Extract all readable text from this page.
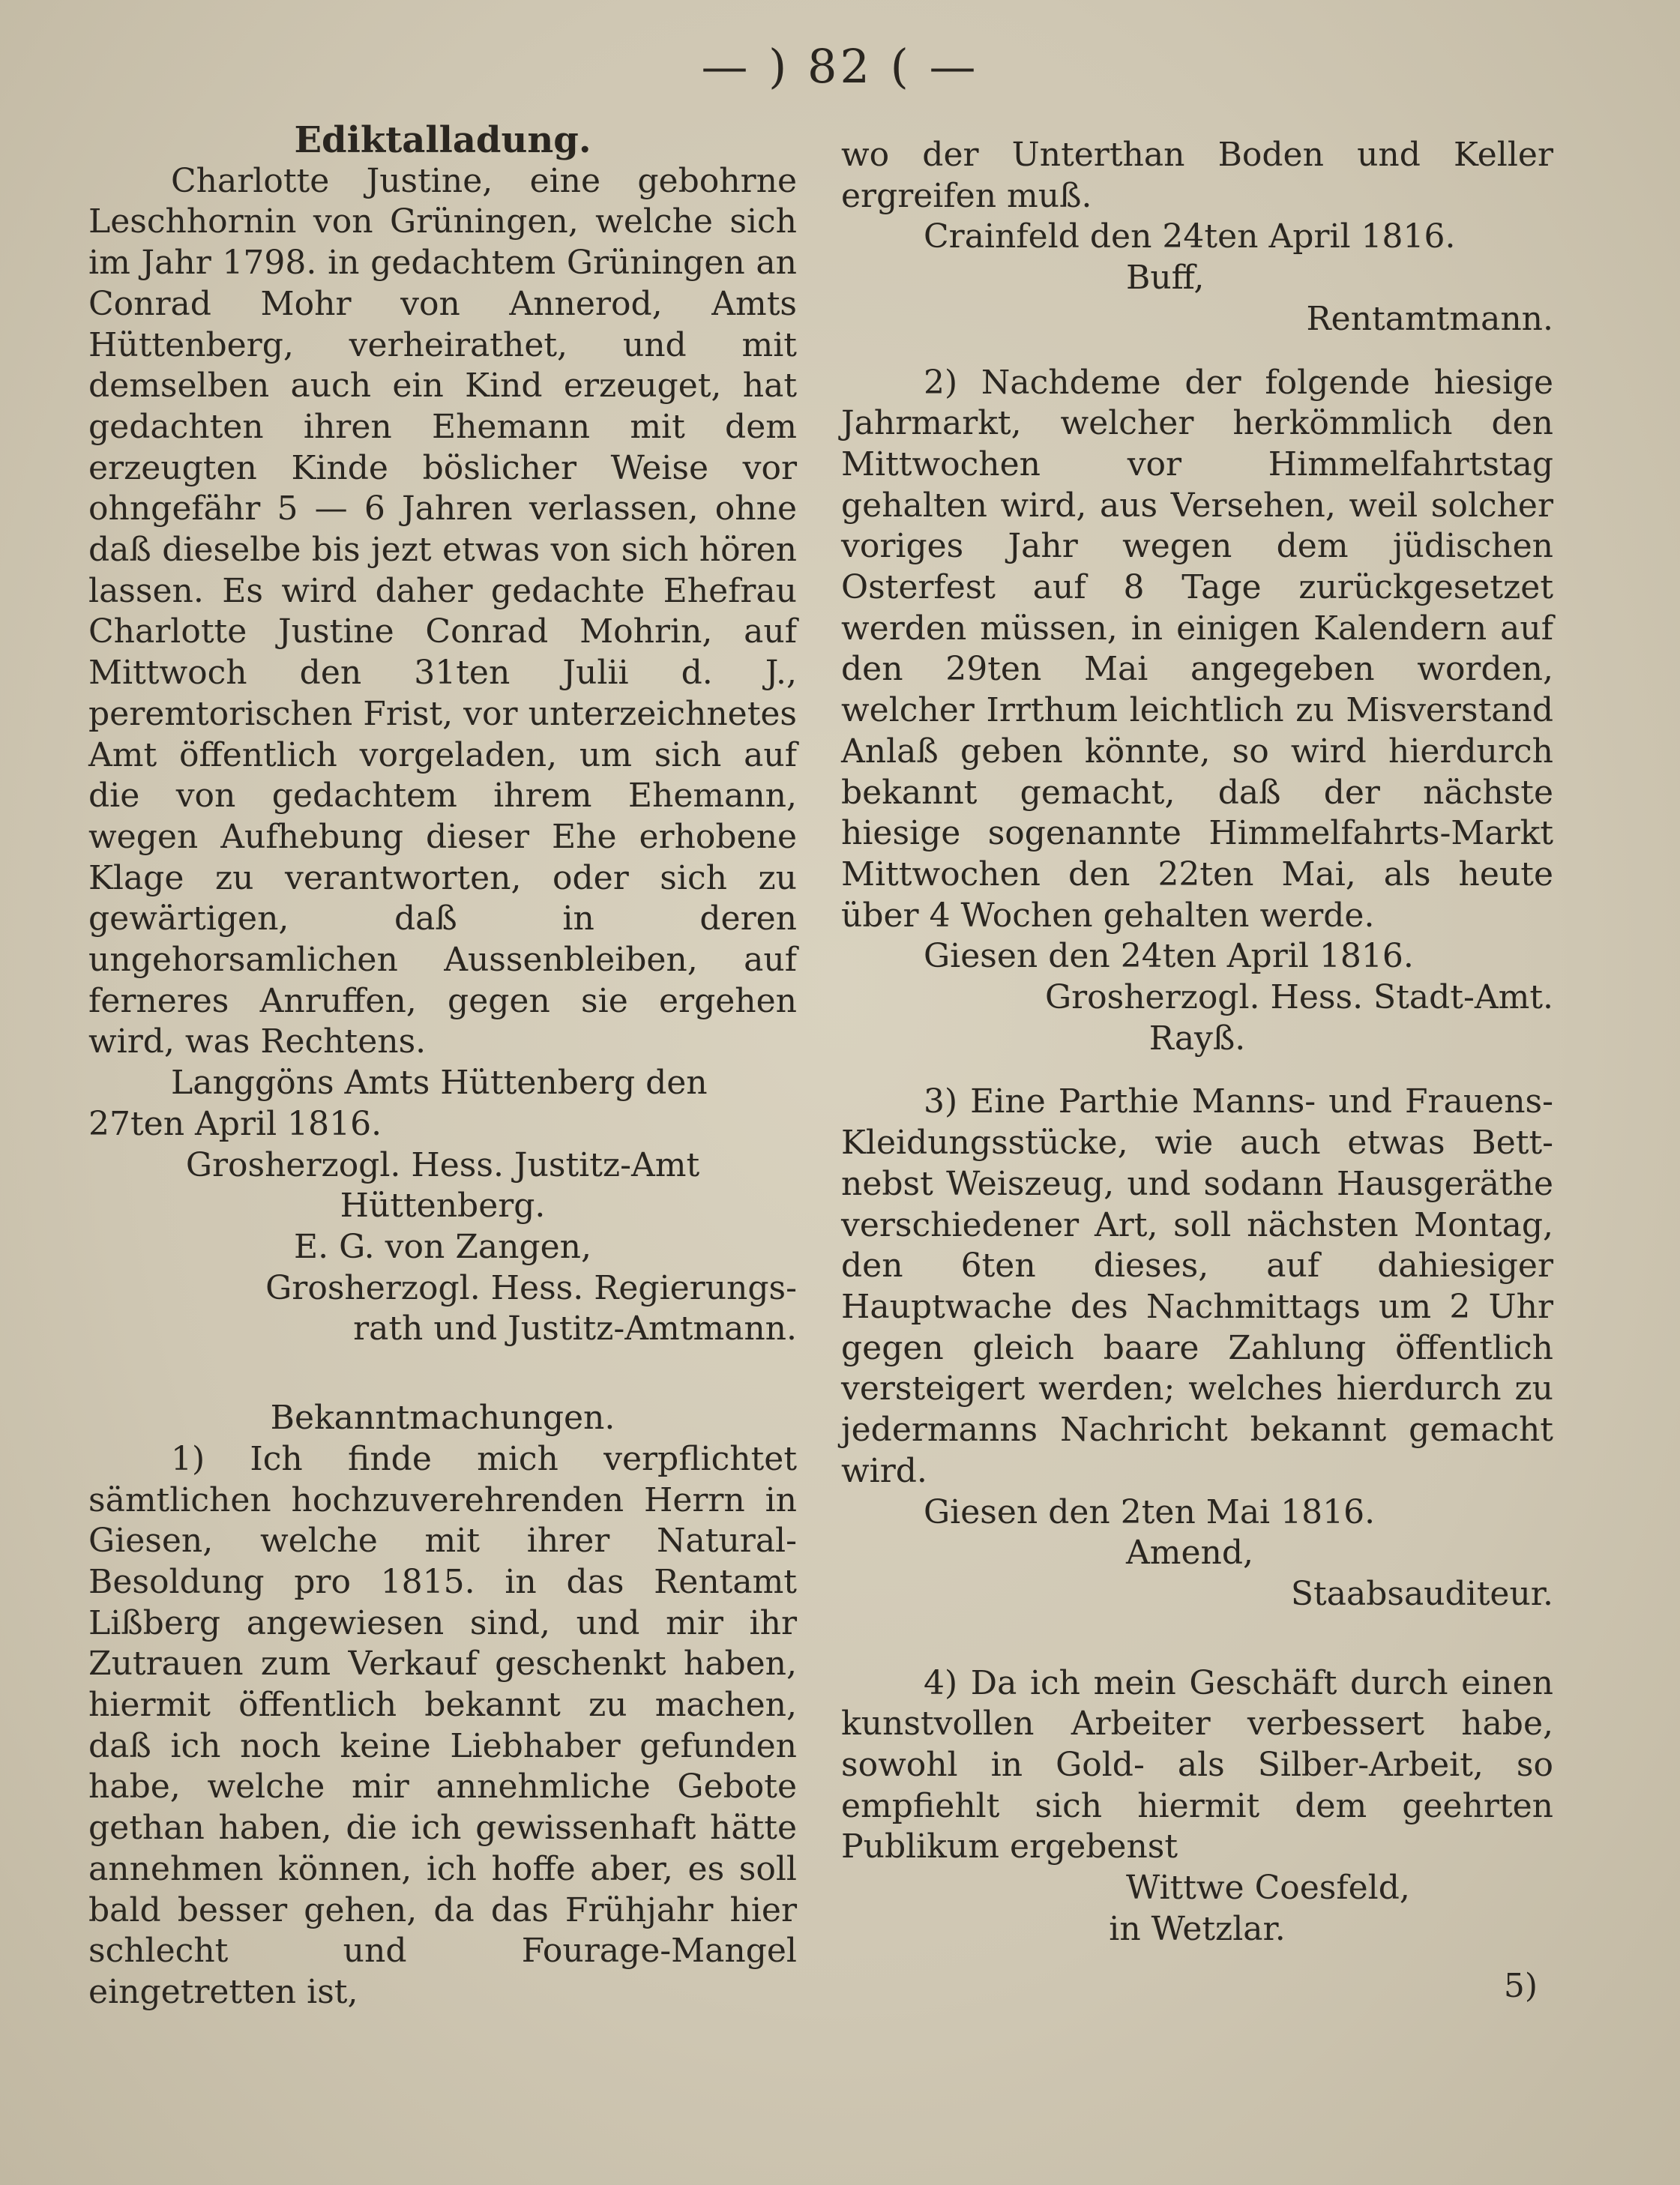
— ) 82 ( —

Ediktalladung.

Charlotte Justine, eine gebohrne Leschhornin von Grüningen, welche sich im Jahr 1798. in gedachtem Grüningen an Conrad Mohr von Annerod, Amts Hüttenberg, verheirathet, und mit demselben auch ein Kind erzeuget, hat gedachten ihren Ehemann mit dem erzeugten Kinde böslicher Weise vor ohngefähr 5 — 6 Jahren verlassen, ohne daß dieselbe bis jezt etwas von sich hören lassen. Es wird daher gedachte Ehefrau Charlotte Justine Conrad Mohrin, auf Mittwoch den 31ten Julii d. J., peremtorischen Frist, vor unterzeichnetes Amt öffentlich vorgeladen, um sich auf die von gedachtem ihrem Ehemann, wegen Aufhebung dieser Ehe erhobene Klage zu verantworten, oder sich zu gewärtigen, daß in deren ungehorsamlichen Aussenbleiben, auf ferneres Anruffen, gegen sie ergehen wird, was Rechtens.

Langgöns Amts Hüttenberg den 27ten April 1816.

Grosherzogl. Hess. Justitz-Amt

Hüttenberg.

E. G. von Zangen,

Grosherzogl. Hess. Regierungs-

rath und Justitz-Amtmann.

Bekanntmachungen.

1) Ich finde mich verpflichtet sämtlichen hochzuverehrenden Herrn in Giesen, welche mit ihrer Natural-Besoldung pro 1815. in das Rentamt Lißberg angewiesen sind, und mir ihr Zutrauen zum Verkauf geschenkt haben, hiermit öffentlich bekannt zu machen, daß ich noch keine Liebhaber gefunden habe, welche mir annehmliche Gebote gethan haben, die ich gewissenhaft hätte annehmen können, ich hoffe aber, es soll bald besser gehen, da das Frühjahr hier schlecht und Fourage-Mangel eingetretten ist,

wo der Unterthan Boden und Keller ergreifen muß.

Crainfeld den 24ten April 1816.

Buff,

Rentamtmann.

2) Nachdeme der folgende hiesige Jahrmarkt, welcher herkömmlich den Mittwochen vor Himmelfahrtstag gehalten wird, aus Versehen, weil solcher voriges Jahr wegen dem jüdischen Osterfest auf 8 Tage zurückgesetzet werden müssen, in einigen Kalendern auf den 29ten Mai angegeben worden, welcher Irrthum leichtlich zu Misverstand Anlaß geben könnte, so wird hierdurch bekannt gemacht, daß der nächste hiesige sogenannte Himmelfahrts-Markt Mittwochen den 22ten Mai, als heute über 4 Wochen gehalten werde.

Giesen den 24ten April 1816.

Grosherzogl. Hess. Stadt-Amt.

Rayß.

3) Eine Parthie Manns- und Frauens-Kleidungsstücke, wie auch etwas Bett- nebst Weiszeug, und sodann Hausgeräthe verschiedener Art, soll nächsten Montag, den 6ten dieses, auf dahiesiger Hauptwache des Nachmittags um 2 Uhr gegen gleich baare Zahlung öffentlich versteigert werden; welches hierdurch zu jedermanns Nachricht bekannt gemacht wird.

Giesen den 2ten Mai 1816.

Amend,

Staabsauditeur.

4) Da ich mein Geschäft durch einen kunstvollen Arbeiter verbessert habe, sowohl in Gold- als Silber-Arbeit, so empfiehlt sich hiermit dem geehrten Publikum ergebenst

Wittwe Coesfeld,

in Wetzlar.

5)
